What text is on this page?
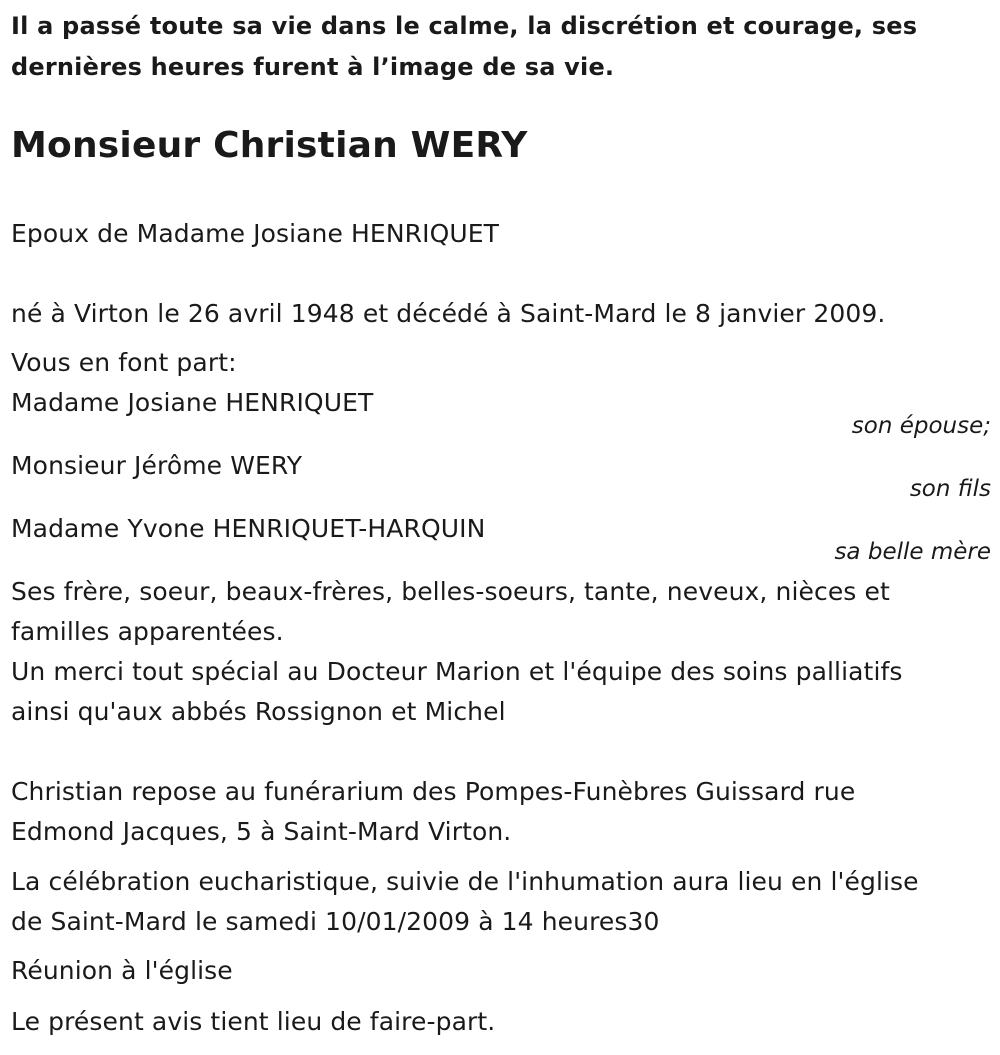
Il a passé toute sa vie dans le calme, la discrétion et courage, ses

dernières heures furent à l’image de sa vie.

Monsieur Christian WERY

Epoux de Madame Josiane HENRIQUET

né à Virton le 26 avril 1948 et décédé à Saint-Mard le 8 janvier 2009.

Vous en font part:

Madame Josiane HENRIQUET

son épouse;

Monsieur Jérôme WERY

son fils

Madame Yvone HENRIQUET-HARQUIN

sa belle mère

Ses frère, soeur, beaux-frères, belles-soeurs, tante, neveux, nièces et

familles apparentées.

Un merci tout spécial au Docteur Marion et l'équipe des soins palliatifs

ainsi qu'aux abbés Rossignon et Michel

Christian repose au funérarium des Pompes-Funèbres Guissard rue

Edmond Jacques, 5 à Saint-Mard Virton.

La célébration eucharistique, suivie de l'inhumation aura lieu en l'église

de Saint-Mard le samedi 10/01/2009 à 14 heures30

Réunion à l'église

Le présent avis tient lieu de faire-part.
